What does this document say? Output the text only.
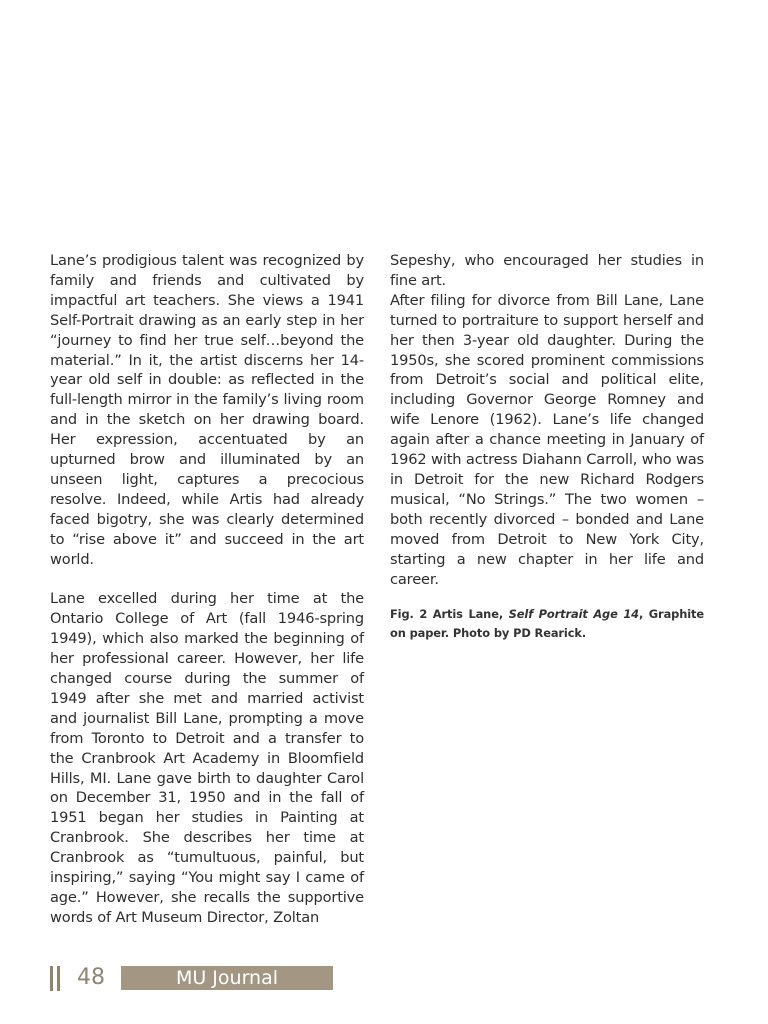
Lane’s prodigious talent was recognized by family and friends and cultivated by impactful art teachers. She views a 1941 Self-Portrait drawing as an early step in her “journey to find her true self…beyond the material.” In it, the artist discerns her 14-year old self in double: as reflected in the full-length mirror in the family’s living room and in the sketch on her drawing board. Her expression, accentuated by an upturned brow and illuminated by an unseen light, captures a precocious resolve. Indeed, while Artis had already faced bigotry, she was clearly determined to “rise above it” and succeed in the art world.

Lane excelled during her time at the Ontario College of Art (fall 1946-spring 1949), which also marked the beginning of her professional career. However, her life changed course during the summer of 1949 after she met and married activist and journalist Bill Lane, prompting a move from Toronto to Detroit and a transfer to the Cranbrook Art Academy in Bloomfield Hills, MI. Lane gave birth to daughter Carol on December 31, 1950 and in the fall of 1951 began her studies in Painting at Cranbrook. She describes her time at Cranbrook as “tumultuous, painful, but inspiring,” saying “You might say I came of age.” However, she recalls the supportive words of Art Museum Director, Zoltan

Sepeshy, who encouraged her studies in fine art.

After filing for divorce from Bill Lane, Lane turned to portraiture to support herself and her then 3-year old daughter. During the 1950s, she scored prominent commissions from Detroit’s social and political elite, including Governor George Romney and wife Lenore (1962). Lane’s life changed again after a chance meeting in January of 1962 with actress Diahann Carroll, who was in Detroit for the new Richard Rodgers musical, “No Strings.” The two women – both recently divorced – bonded and Lane moved from Detroit to New York City, starting a new chapter in her life and career.

Fig. 2 Artis Lane, Self Portrait Age 14, Graphite on paper. Photo by PD Rearick.
48	MU Journal
